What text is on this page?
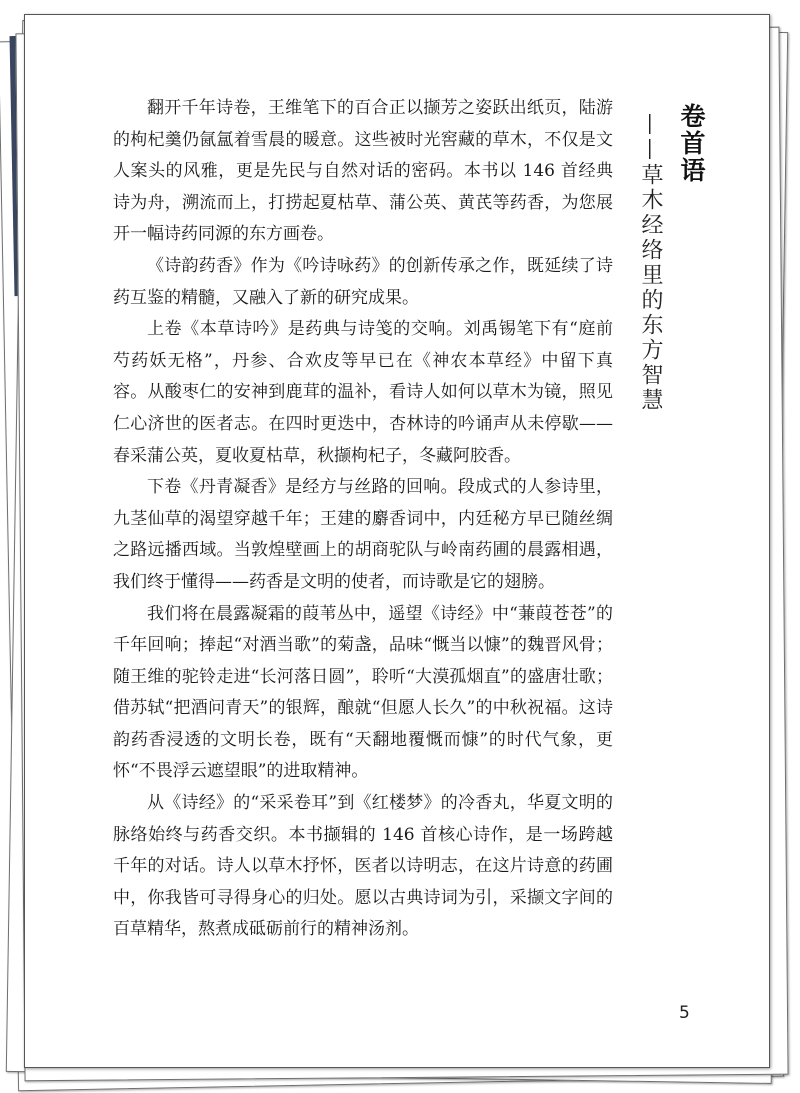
翻开千年诗卷，王维笔下的百合正以撷芳之姿跃出纸页，陆游的枸杞羹仍氤氲着雪晨的暖意。这些被时光窖藏的草木，不仅是文人案头的风雅，更是先民与自然对话的密码。本书以 146 首经典诗为舟，溯流而上，打捞起夏枯草、蒲公英、黄芪等药香，为您展开一幅诗药同源的东方画卷。

《诗韵药香》作为《吟诗咏药》的创新传承之作，既延续了诗药互鉴的精髓，又融入了新的研究成果。

上卷《本草诗吟》是药典与诗笺的交响。刘禹锡笔下有“庭前芍药妖无格”，丹参、合欢皮等早已在《神农本草经》中留下真容。从酸枣仁的安神到鹿茸的温补，看诗人如何以草木为镜，照见仁心济世的医者志。在四时更迭中，杏林诗的吟诵声从未停歇——春采蒲公英，夏收夏枯草，秋撷枸杞子，冬藏阿胶香。

下卷《丹青凝香》是经方与丝路的回响。段成式的人参诗里，九茎仙草的渴望穿越千年；王建的麝香词中，内廷秘方早已随丝绸之路远播西域。当敦煌壁画上的胡商驼队与岭南药圃的晨露相遇，我们终于懂得——药香是文明的使者，而诗歌是它的翅膀。

我们将在晨露凝霜的葭苇丛中，遥望《诗经》中“蒹葭苍苍”的千年回响；捧起“对酒当歌”的菊盏，品味“慨当以慷”的魏晋风骨；随王维的驼铃走进“长河落日圆”，聆听“大漠孤烟直”的盛唐壮歌；借苏轼“把酒问青天”的银辉，酿就“但愿人长久”的中秋祝福。这诗韵药香浸透的文明长卷，既有“天翻地覆慨而慷”的时代气象，更怀“不畏浮云遮望眼”的进取精神。

从《诗经》的“采采卷耳”到《红楼梦》的冷香丸，华夏文明的脉络始终与药香交织。本书撷辑的 146 首核心诗作，是一场跨越千年的对话。诗人以草木抒怀，医者以诗明志，在这片诗意的药圃中，你我皆可寻得身心的归处。愿以古典诗词为引，采撷文字间的百草精华，熬煮成砥砺前行的精神汤剂。

卷首语
——草木经络里的东方智慧
5
